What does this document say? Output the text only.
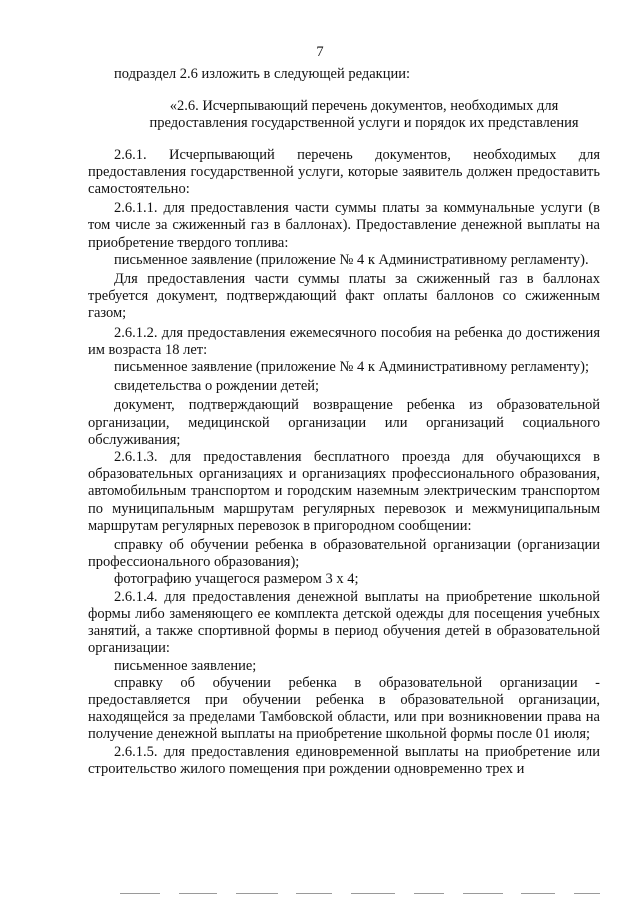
7

подраздел 2.6 изложить в следующей редакции:

«2.6. Исчерпывающий перечень документов, необходимых для предоставления государственной услуги и порядок их представления

2.6.1. Исчерпывающий перечень документов, необходимых для предоставления государственной услуги, которые заявитель должен предоставить самостоятельно:

2.6.1.1. для предоставления части суммы платы за коммунальные услуги (в том числе за сжиженный газ в баллонах). Предоставление денежной выплаты на приобретение твердого топлива:

письменное заявление (приложение № 4 к Административному регламенту).

Для предоставления части суммы платы за сжиженный газ в баллонах требуется документ, подтверждающий факт оплаты баллонов со сжиженным газом;

2.6.1.2. для предоставления ежемесячного пособия на ребенка до достижения им возраста 18 лет:

письменное заявление (приложение № 4 к Административному регламенту);

свидетельства о рождении детей;

документ, подтверждающий возвращение ребенка из образовательной организации, медицинской организации или организаций социального обслуживания;

2.6.1.3. для предоставления бесплатного проезда для обучающихся в образовательных организациях и организациях профессионального образования, автомобильным транспортом и городским наземным электрическим транспортом по муниципальным маршрутам регулярных перевозок и межмуниципальным маршрутам регулярных перевозок в пригородном сообщении:

справку об обучении ребенка в образовательной организации (организации профессионального образования);

фотографию учащегося размером 3 х 4;

2.6.1.4. для предоставления денежной выплаты на приобретение школьной формы либо заменяющего ее комплекта детской одежды для посещения учебных занятий, а также спортивной формы в период обучения детей в образовательной организации:

письменное заявление;

справку об обучении ребенка в образовательной организации - предоставляется при обучении ребенка в образовательной организации, находящейся за пределами Тамбовской области, или при возникновении права на получение денежной выплаты на приобретение школьной формы после 01 июля;

2.6.1.5. для предоставления единовременной выплаты на приобретение или строительство жилого помещения при рождении одновременно трех и
